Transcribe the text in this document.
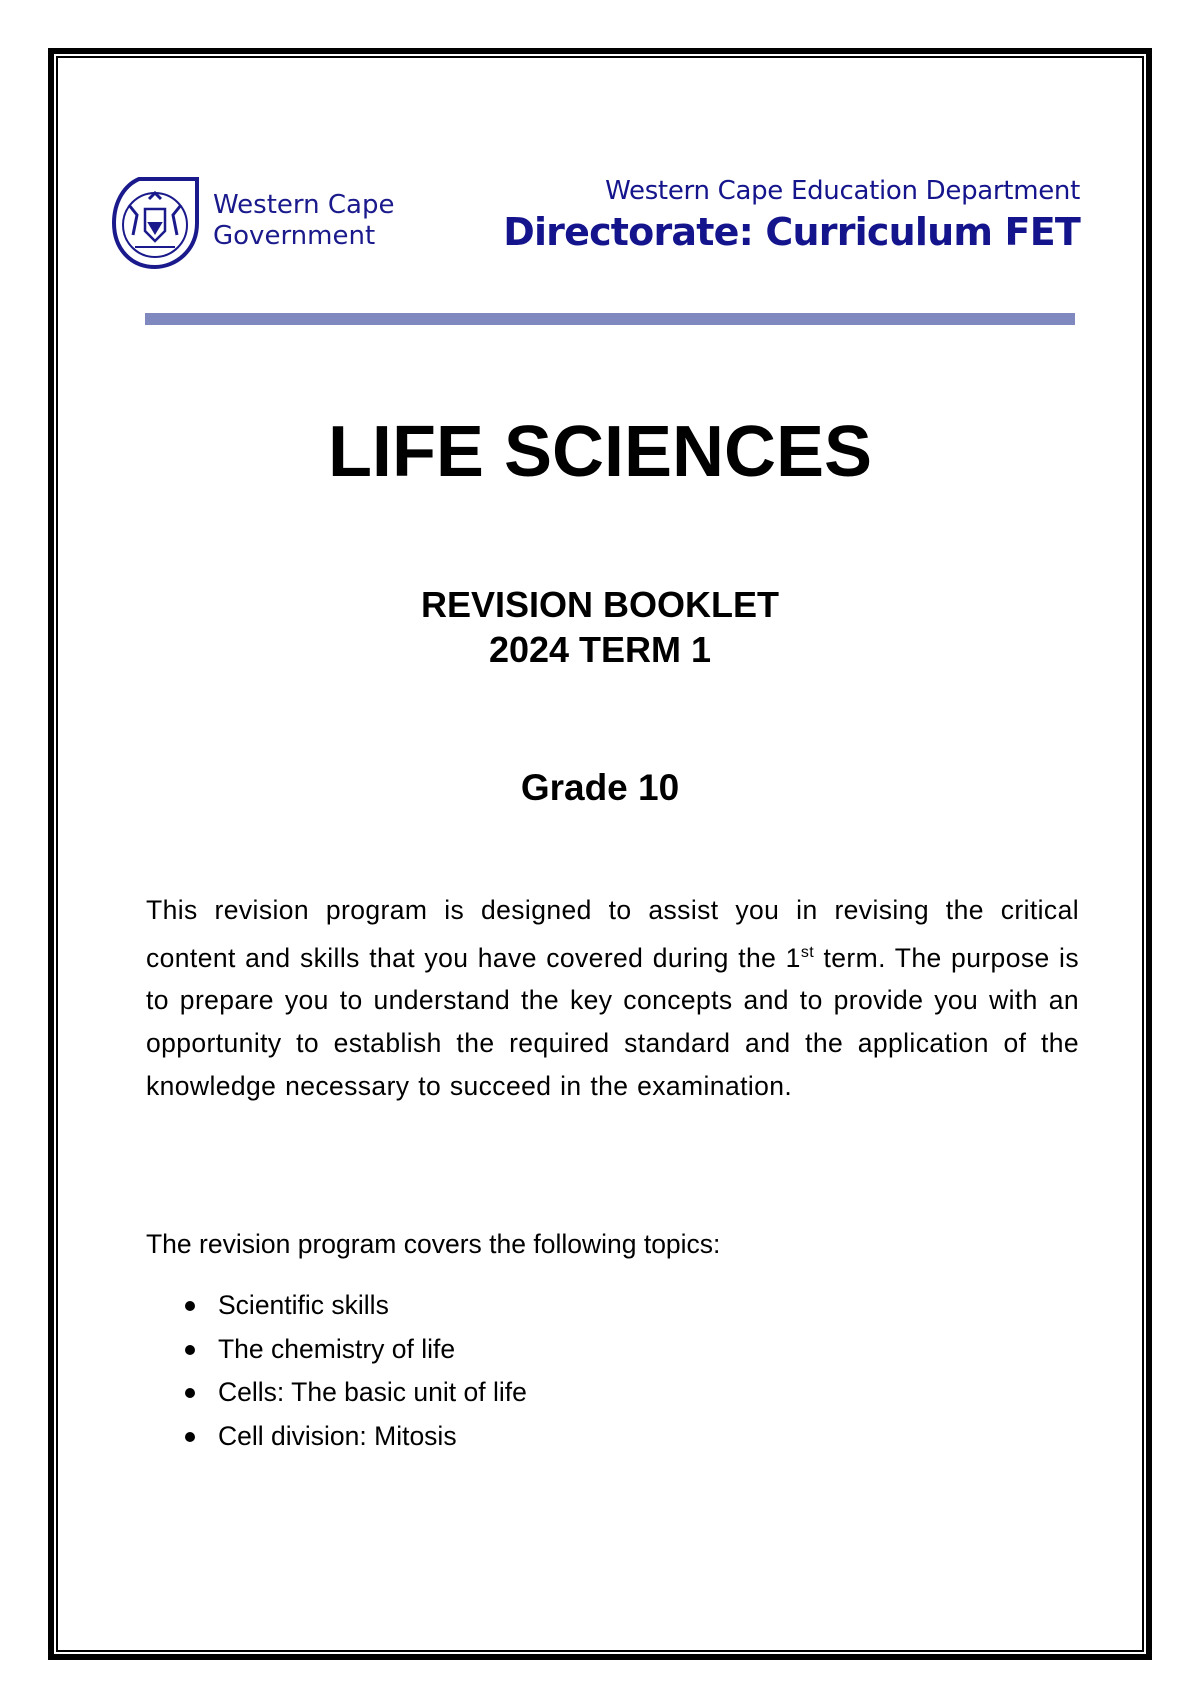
Western Cape
Government
Western Cape Education Department
Directorate: Curriculum FET
LIFE SCIENCES
REVISION BOOKLET
2024 TERM 1
Grade 10
This revision program is designed to assist you in revising the critical content and skills that you have covered during the 1st term. The purpose is to prepare you to understand the key concepts and to provide you with an opportunity to establish the required standard and the application of the knowledge necessary to succeed in the examination.
The revision program covers the following topics:
Scientific skills
The chemistry of life
Cells: The basic unit of life
Cell division: Mitosis
